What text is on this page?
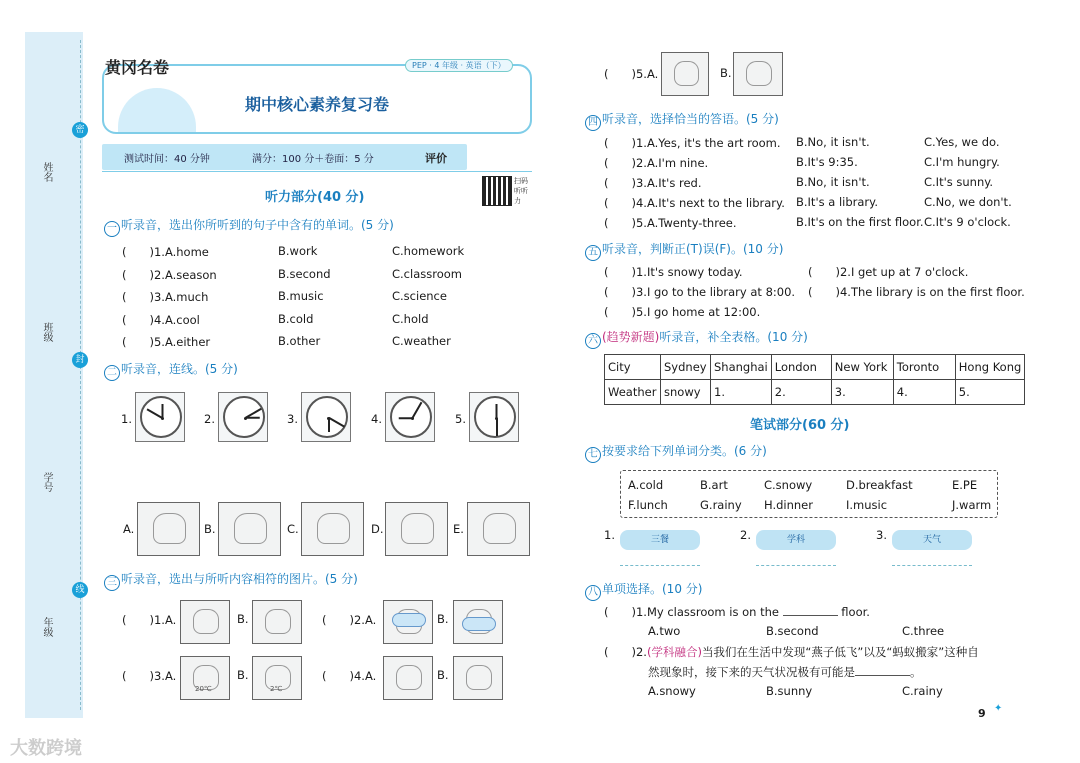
姓名
班级
学号
年级
密
封
线
黄冈名卷	PEP · 4 年级 · 英语（下）
期中核心素养复习卷
测试时间：40 分钟	满分：100 分＋卷面：5 分	评价
听力部分(40 分)
扫码听听力
一 听录音，选出你所听到的句子中含有的单词。(5 分)
二 听录音，连线。(5 分)
三 听录音，选出与所听内容相符的图片。(5 分)
(　　)5.A.	B.
四 听录音，选择恰当的答语。(5 分)
五 听录音，判断正(T)误(F)。(10 分)
(　　)1.It's snowy today.	(　　)2.I get up at 7 o'clock.
(　　)3.I go to the library at 8:00. (　　)4.The library is on the first floor.
(　　)5.I go home at 12:00.
六 (趋势新题)听录音，补全表格。(10 分)
City	Sydney	Shanghai	London	New York	Toronto	Hong Kong
Weather	snowy	1.	2.	3.	4.	5.
笔试部分(60 分)
七 按要求给下列单词分类。(6 分)
八 单项选择。(10 分)
(　　)1.My classroom is on the	floor.
A.two	B.second	C.three
(　　)2.(学科融合)当我们在生活中发现“燕子低飞”以及“蚂蚁搬家”这种自
然现象时，接下来的天气状况极有可能是	。
A.snowy	B.sunny	C.rainy
9 ✦
大数跨境
(　　)1.A.home	B.work	C.homework
(　　)2.A.season	B.second	C.classroom
(　　)3.A.much	B.music	C.science
(　　)4.A.cool	B.cold	C.hold
(　　)5.A.either	B.other	C.weather
1.	2.	3.	4.	5.
A.	B.	C.	D.	E.
(　　)1.A.	B.	(　　)2.A.	B.
(　　)3.A.	B.	(　　)4.A.	B.
20℃	2℃
(　　)1.A.Yes, it's the art room. B.No, it isn't.	C.Yes, we do.
(　　)2.A.I'm nine.	B.It's 9:35.	C.I'm hungry.
(　　)3.A.It's red.	B.No, it isn't.	C.It's sunny.
(　　)4.A.It's next to the library. B.It's a library.	C.No, we don't.
(　　)5.A.Twenty-three.	B.It's on the first floor. C.It's 9 o'clock.
A.cold	B.art	C.snowy	D.breakfast	E.PE
F.lunch	G.rainy H.dinner	I.music	J.warm
1.	三餐	2.	学科	3.	天气
